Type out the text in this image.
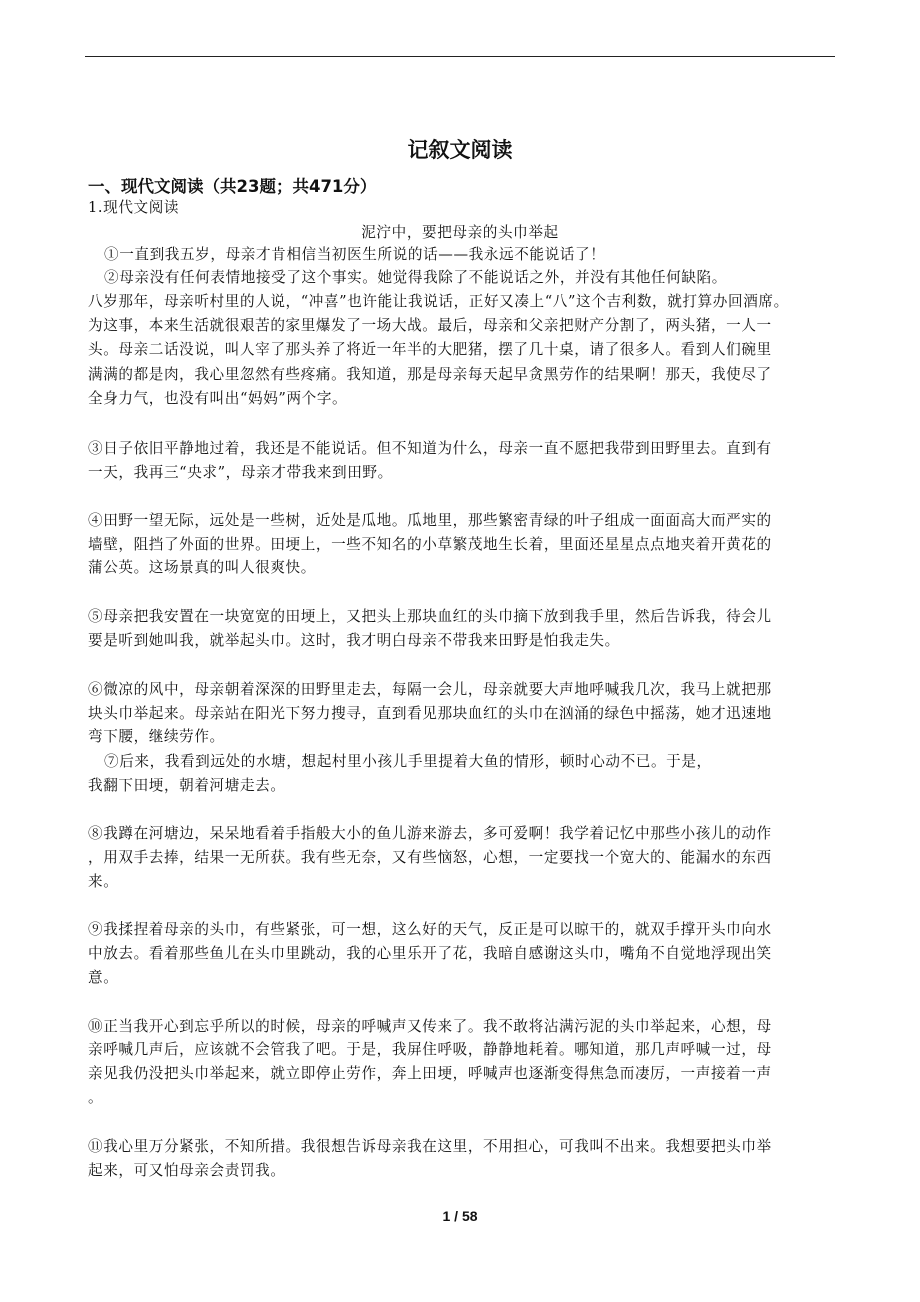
记叙文阅读
一、现代文阅读（共23题；共471分）
1.现代文阅读
泥泞中，要把母亲的头巾举起
①一直到我五岁，母亲才肯相信当初医生所说的话——我永远不能说话了！
②母亲没有任何表情地接受了这个事实。她觉得我除了不能说话之外，并没有其他任何缺陷。
八岁那年，母亲听村里的人说，“冲喜”也许能让我说话，正好又凑上“八”这个吉利数，就打算办回酒席。
为这事，本来生活就很艰苦的家里爆发了一场大战。最后，母亲和父亲把财产分割了，两头猪，一人一
头。母亲二话没说，叫人宰了那头养了将近一年半的大肥猪，摆了几十桌，请了很多人。看到人们碗里
满满的都是肉，我心里忽然有些疼痛。我知道，那是母亲每天起早贪黑劳作的结果啊！那天，我使尽了
全身力气，也没有叫出“妈妈”两个字。
③日子依旧平静地过着，我还是不能说话。但不知道为什么，母亲一直不愿把我带到田野里去。直到有
一天，我再三“央求”，母亲才带我来到田野。
④田野一望无际，远处是一些树，近处是瓜地。瓜地里，那些繁密青绿的叶子组成一面面高大而严实的
墙壁，阻挡了外面的世界。田埂上，一些不知名的小草繁茂地生长着，里面还星星点点地夹着开黄花的
蒲公英。这场景真的叫人很爽快。
⑤母亲把我安置在一块宽宽的田埂上，又把头上那块血红的头巾摘下放到我手里，然后告诉我，待会儿
要是听到她叫我，就举起头巾。这时，我才明白母亲不带我来田野是怕我走失。
⑥微凉的风中，母亲朝着深深的田野里走去，每隔一会儿，母亲就要大声地呼喊我几次，我马上就把那
块头巾举起来。母亲站在阳光下努力搜寻，直到看见那块血红的头巾在汹涌的绿色中摇荡，她才迅速地
弯下腰，继续劳作。
⑦后来，我看到远处的水塘，想起村里小孩儿手里提着大鱼的情形，顿时心动不已。于是，
我翻下田埂，朝着河塘走去。
⑧我蹲在河塘边，呆呆地看着手指般大小的鱼儿游来游去，多可爱啊！我学着记忆中那些小孩儿的动作
，用双手去捧，结果一无所获。我有些无奈，又有些恼怒，心想，一定要找一个宽大的、能漏水的东西
来。
⑨我揉捏着母亲的头巾，有些紧张，可一想，这么好的天气，反正是可以晾干的，就双手撑开头巾向水
中放去。看着那些鱼儿在头巾里跳动，我的心里乐开了花，我暗自感谢这头巾，嘴角不自觉地浮现出笑
意。
⑩正当我开心到忘乎所以的时候，母亲的呼喊声又传来了。我不敢将沾满污泥的头巾举起来，心想，母
亲呼喊几声后，应该就不会管我了吧。于是，我屏住呼吸，静静地耗着。哪知道，那几声呼喊一过，母
亲见我仍没把头巾举起来，就立即停止劳作，奔上田埂，呼喊声也逐渐变得焦急而凄厉，一声接着一声
。
⑪我心里万分紧张，不知所措。我很想告诉母亲我在这里，不用担心，可我叫不出来。我想要把头巾举
起来，可又怕母亲会责罚我。
1 / 58
